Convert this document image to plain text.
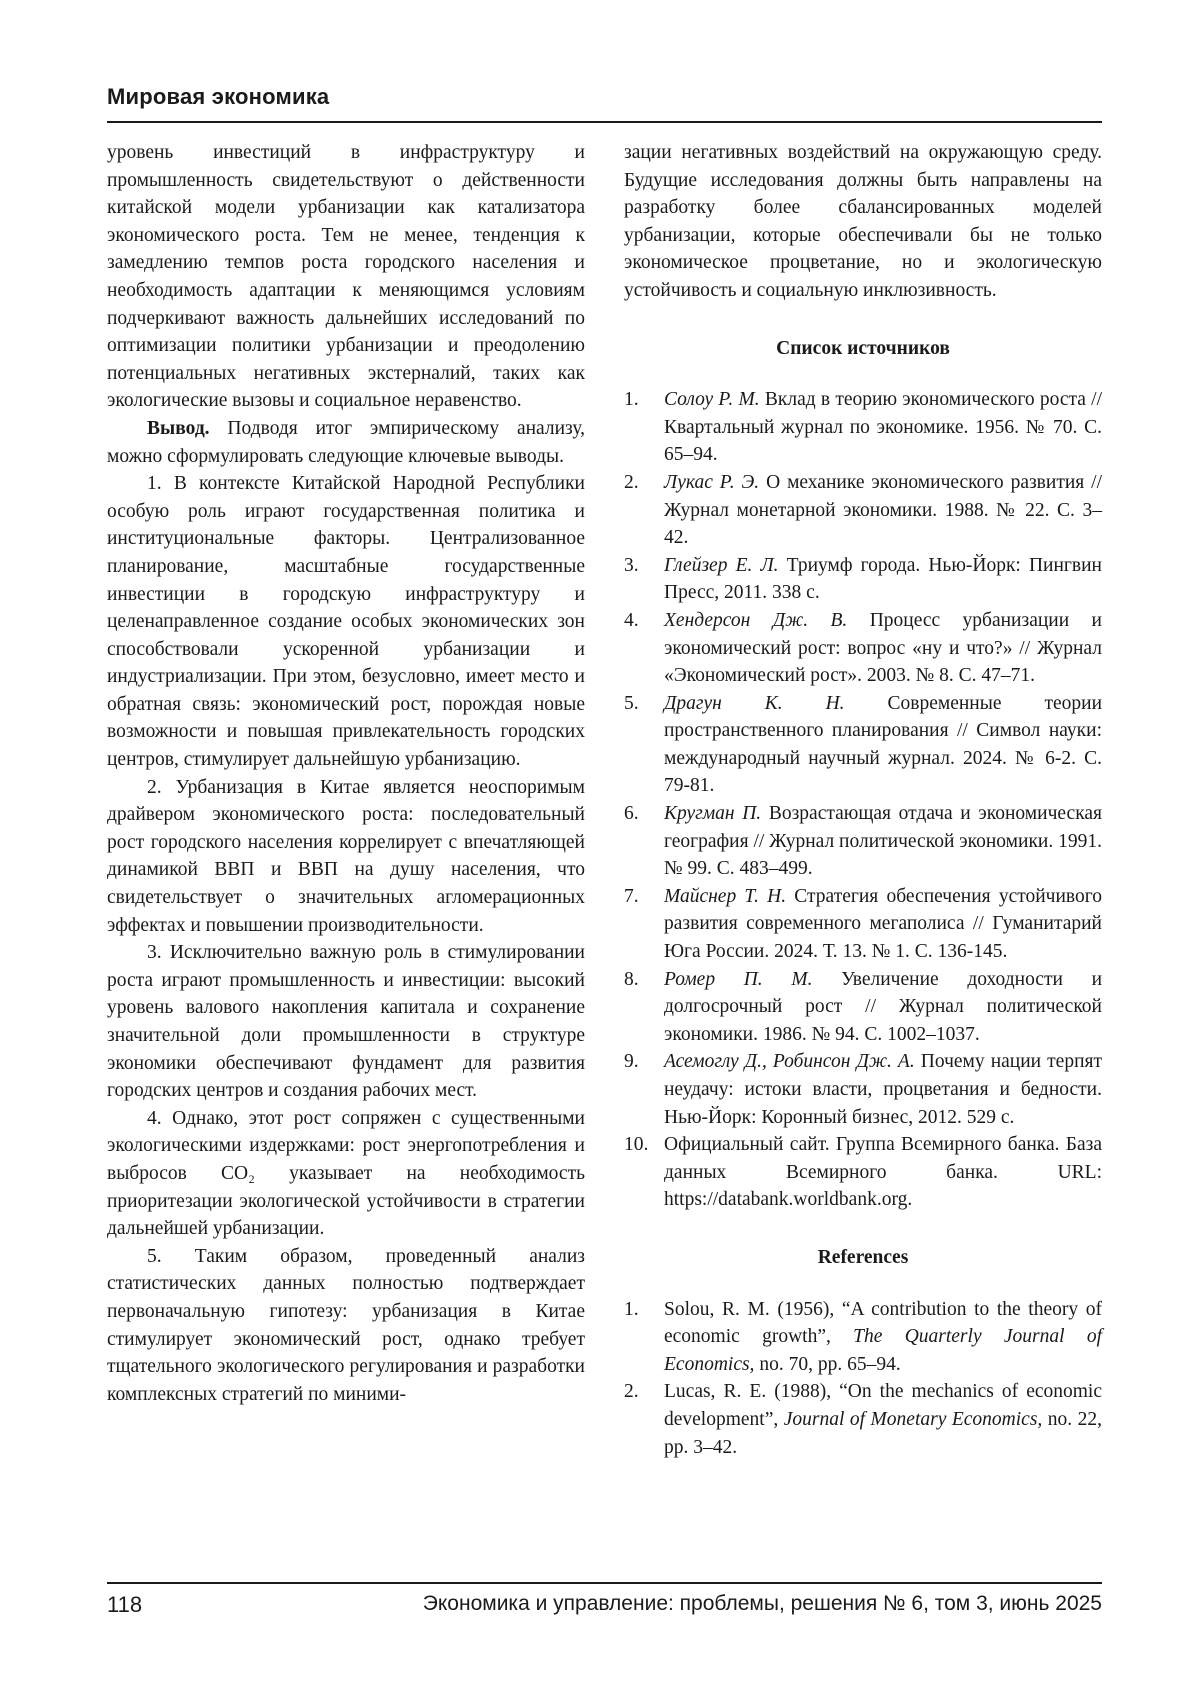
Мировая экономика

уровень инвестиций в инфраструктуру и промышленность свидетельствуют о действенности китайской модели урбанизации как катализатора экономического роста. Тем не менее, тенденция к замедлению темпов роста городского населения и необходимость адаптации к меняющимся условиям подчеркивают важность дальнейших исследований по оптимизации политики урбанизации и преодолению потенциальных негативных экстерналий, таких как экологические вызовы и социальное неравенство.

Вывод. Подводя итог эмпирическому анализу, можно сформулировать следующие ключевые выводы.

1. В контексте Китайской Народной Республики особую роль играют государственная политика и институциональные факторы. Централизованное планирование, масштабные государственные инвестиции в городскую инфраструктуру и целенаправленное создание особых экономических зон способствовали ускоренной урбанизации и индустриализации. При этом, безусловно, имеет место и обратная связь: экономический рост, порождая новые возможности и повышая привлекательность городских центров, стимулирует дальнейшую урбанизацию.

2. Урбанизация в Китае является неоспоримым драйвером экономического роста: последовательный рост городского населения коррелирует с впечатляющей динамикой ВВП и ВВП на душу населения, что свидетельствует о значительных агломерационных эффектах и повышении производительности.

3. Исключительно важную роль в стимулировании роста играют промышленность и инвестиции: высокий уровень валового накопления капитала и сохранение значительной доли промышленности в структуре экономики обеспечивают фундамент для развития городских центров и создания рабочих мест.

4. Однако, этот рост сопряжен с существенными экологическими издержками: рост энергопотребления и выбросов CO₂ указывает на необходимость приоритезации экологической устойчивости в стратегии дальнейшей урбанизации.

5. Таким образом, проведенный анализ статистических данных полностью подтверждает первоначальную гипотезу: урбанизация в Китае стимулирует экономический рост, однако требует тщательного экологического регулирования и разработки комплексных стратегий по миними-

зации негативных воздействий на окружающую среду. Будущие исследования должны быть направлены на разработку более сбалансированных моделей урбанизации, которые обеспечивали бы не только экономическое процветание, но и экологическую устойчивость и социальную инклюзивность.

Список источников
1.	Солоу Р. М. Вклад в теорию экономического роста // Квартальный журнал по экономике. 1956. № 70. С. 65–94.
2.	Лукас Р. Э. О механике экономического развития // Журнал монетарной экономики. 1988. № 22. С. 3–42.
3.	Глейзер Е. Л. Триумф города. Нью-Йорк: Пингвин Пресс, 2011. 338 с.
4.	Хендерсон Дж. В. Процесс урбанизации и экономический рост: вопрос «ну и что?» // Журнал «Экономический рост». 2003. № 8. С. 47–71.
5.	Драгун К. Н. Современные теории пространственного планирования // Символ науки: международный научный журнал. 2024. № 6-2. С. 79-81.
6.	Кругман П. Возрастающая отдача и экономическая география // Журнал политической экономики. 1991. № 99. С. 483–499.
7.	Майснер Т. Н. Стратегия обеспечения устойчивого развития современного мегаполиса // Гуманитарий Юга России. 2024. Т. 13. № 1. С. 136-145.
8.	Ромер П. М. Увеличение доходности и долгосрочный рост // Журнал политической экономики. 1986. № 94. С. 1002–1037.
9.	Асемоглу Д., Робинсон Дж. А. Почему нации терпят неудачу: истоки власти, процветания и бедности. Нью-Йорк: Коронный бизнес, 2012. 529 с.
10. Официальный сайт. Группа Всемирного банка. База данных Всемирного банка. URL: https://databank.worldbank.org.
References
1.	Solou, R. M. (1956), “A contribution to the theory of economic growth”, The Quarterly Journal of Economics, no. 70, pp. 65–94.
2.	Lucas, R. E. (1988), “On the mechanics of economic development”, Journal of Monetary Economics, no. 22, pp. 3–42.
118	Экономика и управление: проблемы, решения № 6, том 3, июнь 2025
